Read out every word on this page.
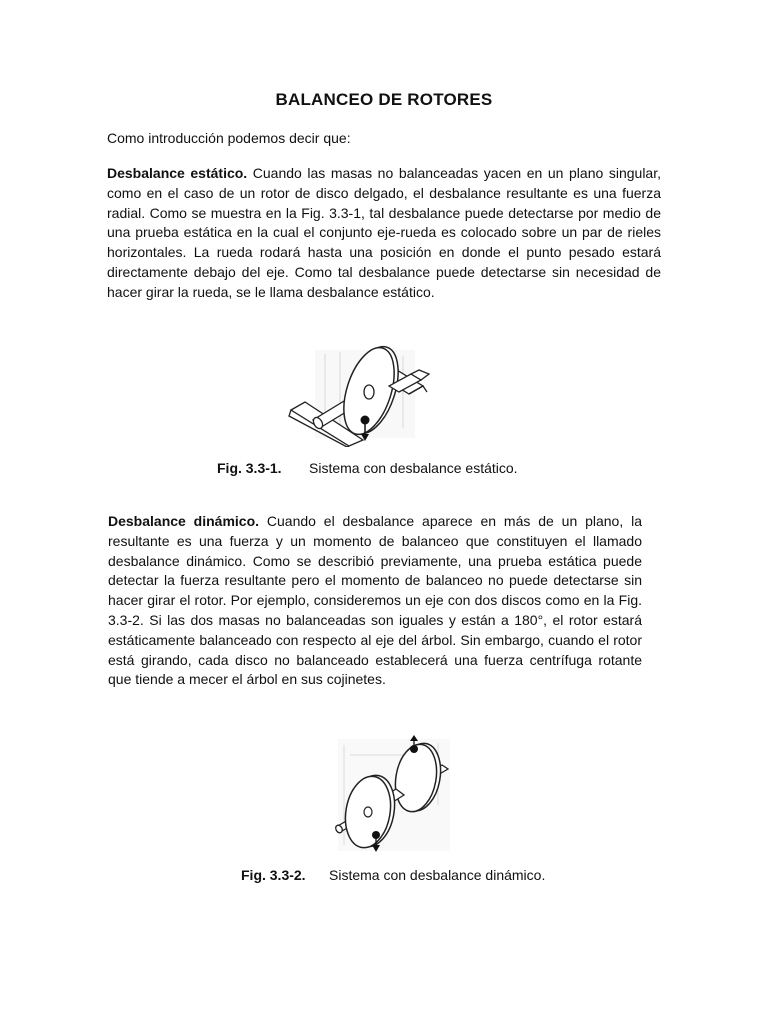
BALANCEO DE ROTORES
Como introducción podemos decir que:
Desbalance estático. Cuando las masas no balanceadas yacen en un plano singular, como en el caso de un rotor de disco delgado, el desbalance resultante es una fuerza radial. Como se muestra en la Fig. 3.3-1, tal desbalance puede detectarse por medio de una prueba estática en la cual el conjunto eje-rueda es colocado sobre un par de rieles horizontales. La rueda rodará hasta una posición en donde el punto pesado estará directamente debajo del eje. Como tal desbalance puede detectarse sin necesidad de hacer girar la rueda, se le llama desbalance estático.
Fig. 3.3-1. Sistema con desbalance estático.
Desbalance dinámico. Cuando el desbalance aparece en más de un plano, la resultante es una fuerza y un momento de balanceo que constituyen el llamado desbalance dinámico. Como se describió previamente, una prueba estática puede detectar la fuerza resultante pero el momento de balanceo no puede detectarse sin hacer girar el rotor. Por ejemplo, consideremos un eje con dos discos como en la Fig. 3.3-2. Si las dos masas no balanceadas son iguales y están a 180°, el rotor estará estáticamente balanceado con respecto al eje del árbol. Sin embargo, cuando el rotor está girando, cada disco no balanceado establecerá una fuerza centrífuga rotante que tiende a mecer el árbol en sus cojinetes.
Fig. 3.3-2. Sistema con desbalance dinámico.
